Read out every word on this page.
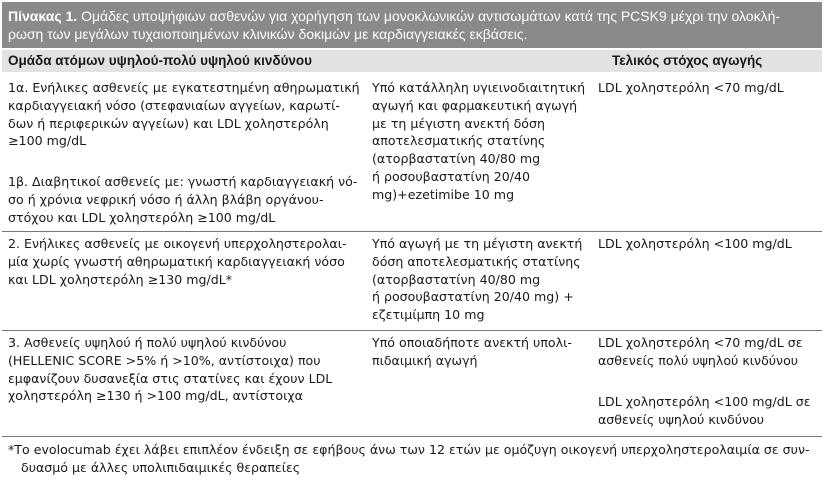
Πίνακας 1. Ομάδες υποψήφιων ασθενών για χορήγηση των μονοκλωνικών αντισωμάτων κατά της PCSK9 μέχρι την ολοκλή-
ρωση των μεγάλων τυχαιοποιημένων κλινικών δοκιμών με καρδιαγγειακές εκβάσεις.
Ομάδα ατόμων υψηλού-πολύ υψηλού κινδύνου	Τελικός στόχος αγωγής
1α. Ενήλικες ασθενείς με εγκατεστημένη αθηρωματική
καρδιαγγειακή νόσο (στεφανιαίων αγγείων, καρωτί-
δων ή περιφερικών αγγείων) και LDL χοληστερόλη
≥100 mg/dL
Υπό κατάλληλη υγιεινοδιαιτητική
αγωγή και φαρμακευτική αγωγή
με τη μέγιστη ανεκτή δόση
αποτελεσματικής στατίνης
(ατορβαστατίνη 40/80 mg
ή ροσουβαστατίνη 20/40
mg)+ezetimibe 10 mg
LDL χοληστερόλη <70 mg/dL
1β. Διαβητικοί ασθενείς με: γνωστή καρδιαγγειακή νό-
σο ή χρόνια νεφρική νόσο ή άλλη βλάβη οργάνου-
στόχου και LDL χοληστερόλη ≥100 mg/dL
2. Ενήλικες ασθενείς με οικογενή υπερχοληστερολαι-
μία χωρίς γνωστή αθηρωματική καρδιαγγειακή νόσο
και LDL χοληστερόλη ≥130 mg/dL*
Υπό αγωγή με τη μέγιστη ανεκτή
δόση αποτελεσματικής στατίνης
(ατορβαστατίνη 40/80 mg
ή ροσουβαστατίνη 20/40 mg) +
εζετιμίμπη 10 mg
LDL χοληστερόλη <100 mg/dL
3. Ασθενείς υψηλού ή πολύ υψηλού κινδύνου
(HELLENIC SCORE >5% ή >10%, αντίστοιχα) που
εμφανίζουν δυσανεξία στις στατίνες και έχουν LDL
χοληστερόλη ≥130 ή >100 mg/dL, αντίστοιχα
Υπό οποιαδήποτε ανεκτή υπολι-
πιδαιμική αγωγή
LDL χοληστερόλη <70 mg/dL σε
ασθενείς πολύ υψηλού κινδύνου
LDL χοληστερόλη <100 mg/dL σε
ασθενείς υψηλού κινδύνου
*Το evolocumab έχει λάβει επιπλέον ένδειξη σε εφήβους άνω των 12 ετών με ομόζυγη οικογενή υπερχοληστερολαιμία σε συν-
δυασμό με άλλες υπολιπιδαιμικές θεραπείες
